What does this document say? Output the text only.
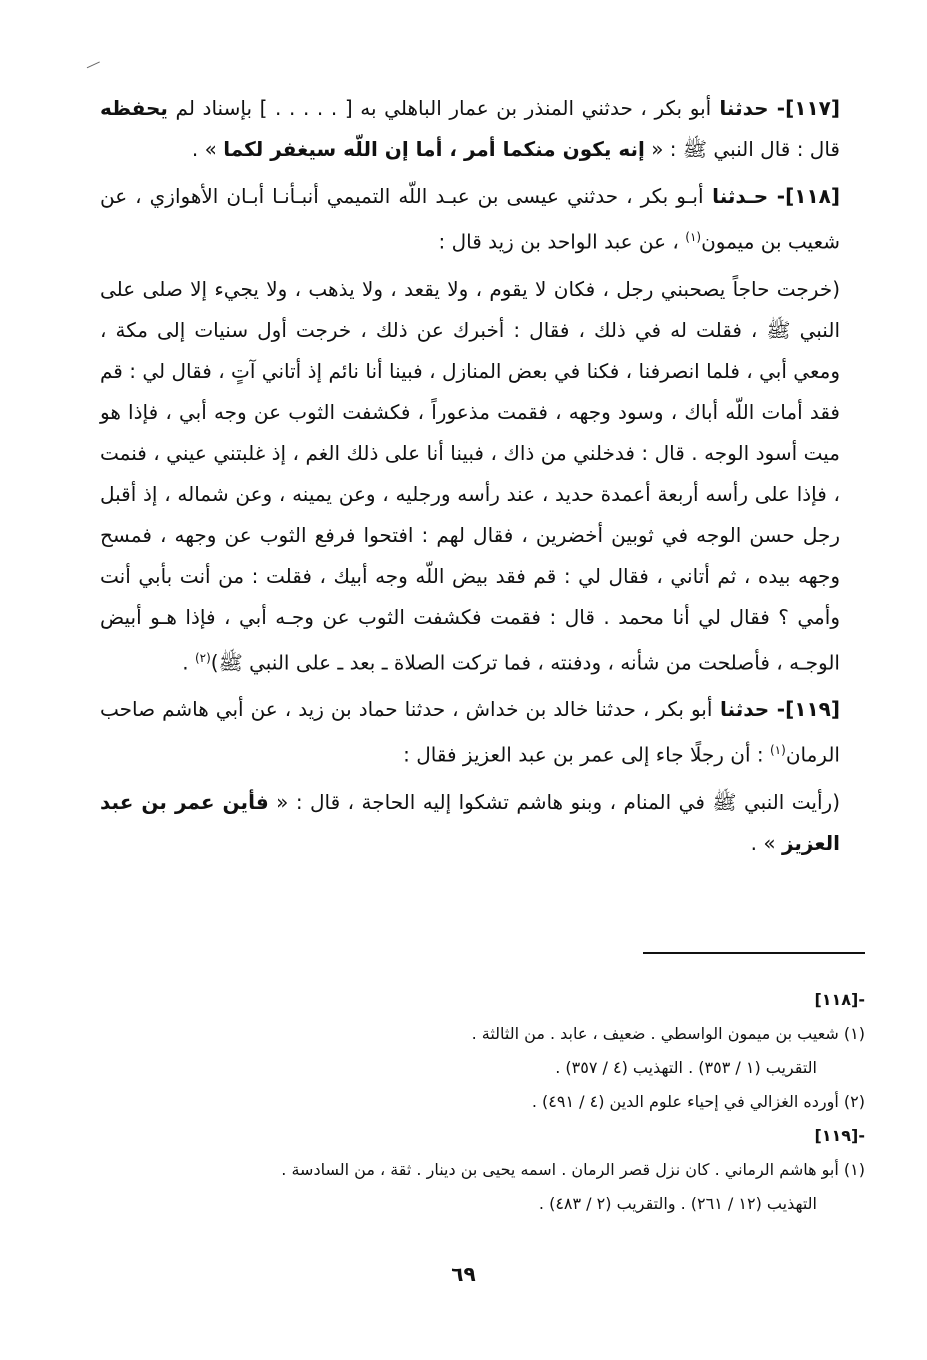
[١١٧]- حدثنا أبو بكر ، حدثني المنذر بن عمار الباهلي به [ . . . . . ] بإسناد لم يحفظه قال : قال النبي ﷺ : « إنه يكون منكما أمر ، أما إن اللّه سيغفر لكما » .

[١١٨]- حـدثنا أبـو بكر ، حدثني عيسى بن عبـد اللّه التميمي أنبـأنـا أبـان الأهوازي ، عن شعيب بن ميمون$^{(١)}$ ، عن عبد الواحد بن زيد قال :

(خرجت حاجاً يصحبني رجل ، فكان لا يقوم ، ولا يقعد ، ولا يذهب ، ولا يجيء إلا صلى على النبي ﷺ ، فقلت له في ذلك ، فقال : أخبرك عن ذلك ، خرجت أول سنيات إلى مكة ، ومعي أبي ، فلما انصرفنا ، فكنا في بعض المنازل ، فبينا أنا نائم إذ أتاني آتٍ ، فقال لي : قم فقد أمات اللّه أباك ، وسود وجهه ، فقمت مذعوراً ، فكشفت الثوب عن وجه أبي ، فإذا هو ميت أسود الوجه . قال : فدخلني من ذاك ، فبينا أنا على ذلك الغم ، إذ غلبتني عيني ، فنمت ، فإذا على رأسه أربعة أعمدة حديد ، عند رأسه ورجليه ، وعن يمينه ، وعن شماله ، إذ أقبل رجل حسن الوجه في ثوبين أخضرين ، فقال لهم : افتحوا فرفع الثوب عن وجهه ، فمسح وجهه بيده ، ثم أتاني ، فقال لي : قم فقد بيض اللّه وجه أبيك ، فقلت : من أنت بأبي أنت وأمي ؟ فقال لي أنا محمد . قال : فقمت فكشفت الثوب عن وجـه أبي ، فإذا هـو أبيض الوجـه ، فأصلحت من شأنه ، ودفنته ، فما تركت الصلاة ـ بعد ـ على النبي ﷺ)$^{(٢)}$ .

[١١٩]- حدثنا أبو بكر ، حدثنا خالد بن خداش ، حدثنا حماد بن زيد ، عن أبي هاشم صاحب الرمان$^{(١)}$ : أن رجلًا جاء إلى عمر بن عبد العزيز فقال :

(رأيت النبي ﷺ في المنام ، وبنو هاشم تشكوا إليه الحاجة ، قال : « فأين عمر بن عبد العزيز » .

-[١١٨]
(١) شعيب بن ميمون الواسطي . ضعيف ، عابد . من الثالثة .
التقريب (١ / ٣٥٣) . التهذيب (٤ / ٣٥٧) .
(٢) أورده الغزالي في إحياء علوم الدين (٤ / ٤٩١) .
-[١١٩]
(١) أبو هاشم الرماني . كان نزل قصر الرمان . اسمه يحيى بن دينار . ثقة ، من السادسة .
التهذيب (١٢ / ٢٦١) . والتقريب (٢ / ٤٨٣) .
٦٩
